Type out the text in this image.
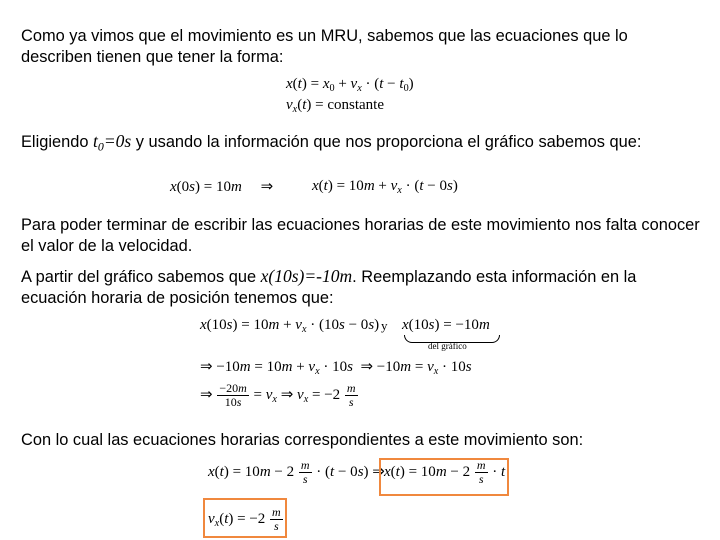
Como ya vimos que el movimiento es un MRU, sabemos que las ecuaciones que lo describen tienen que tener la forma:
$x(t) = x_0 + v_x \cdot (t - t_0)$
$v_x(t)$ = constante
Eligiendo $t_0=0s$ y usando la información que nos proporciona el gráfico sabemos que:
x(0s) = 10m ⇒	$x(t) = 10m + v_x \cdot (t - 0s)$
Para poder terminar de escribir las ecuaciones horarias de este movimiento nos falta conocer el valor de la velocidad.
A partir del gráfico sabemos que x(10s)=-10m. Reemplazando esta información en la ecuación horaria de posición tenemos que:
$x(10s) = 10m + v_x \cdot (10s - 0s)$ y x(10s) = −10m
del gráfico
⇒ $-10m = 10m + v_x \cdot 10s$ ⇒ $-10m = v_x \cdot 10s$
⇒ $\frac{-20m}{10s} = v_x$ ⇒ $v_x = -2 \frac{m}{s}$
Con lo cual las ecuaciones horarias correspondientes a este movimiento son:
$x(t) = 10m - 2 \frac{m}{s} \cdot (t - 0s)$ ⇒ $x(t) = 10m - 2 \frac{m}{s} \cdot t$
$v_x(t) = -2 \frac{m}{s}$
